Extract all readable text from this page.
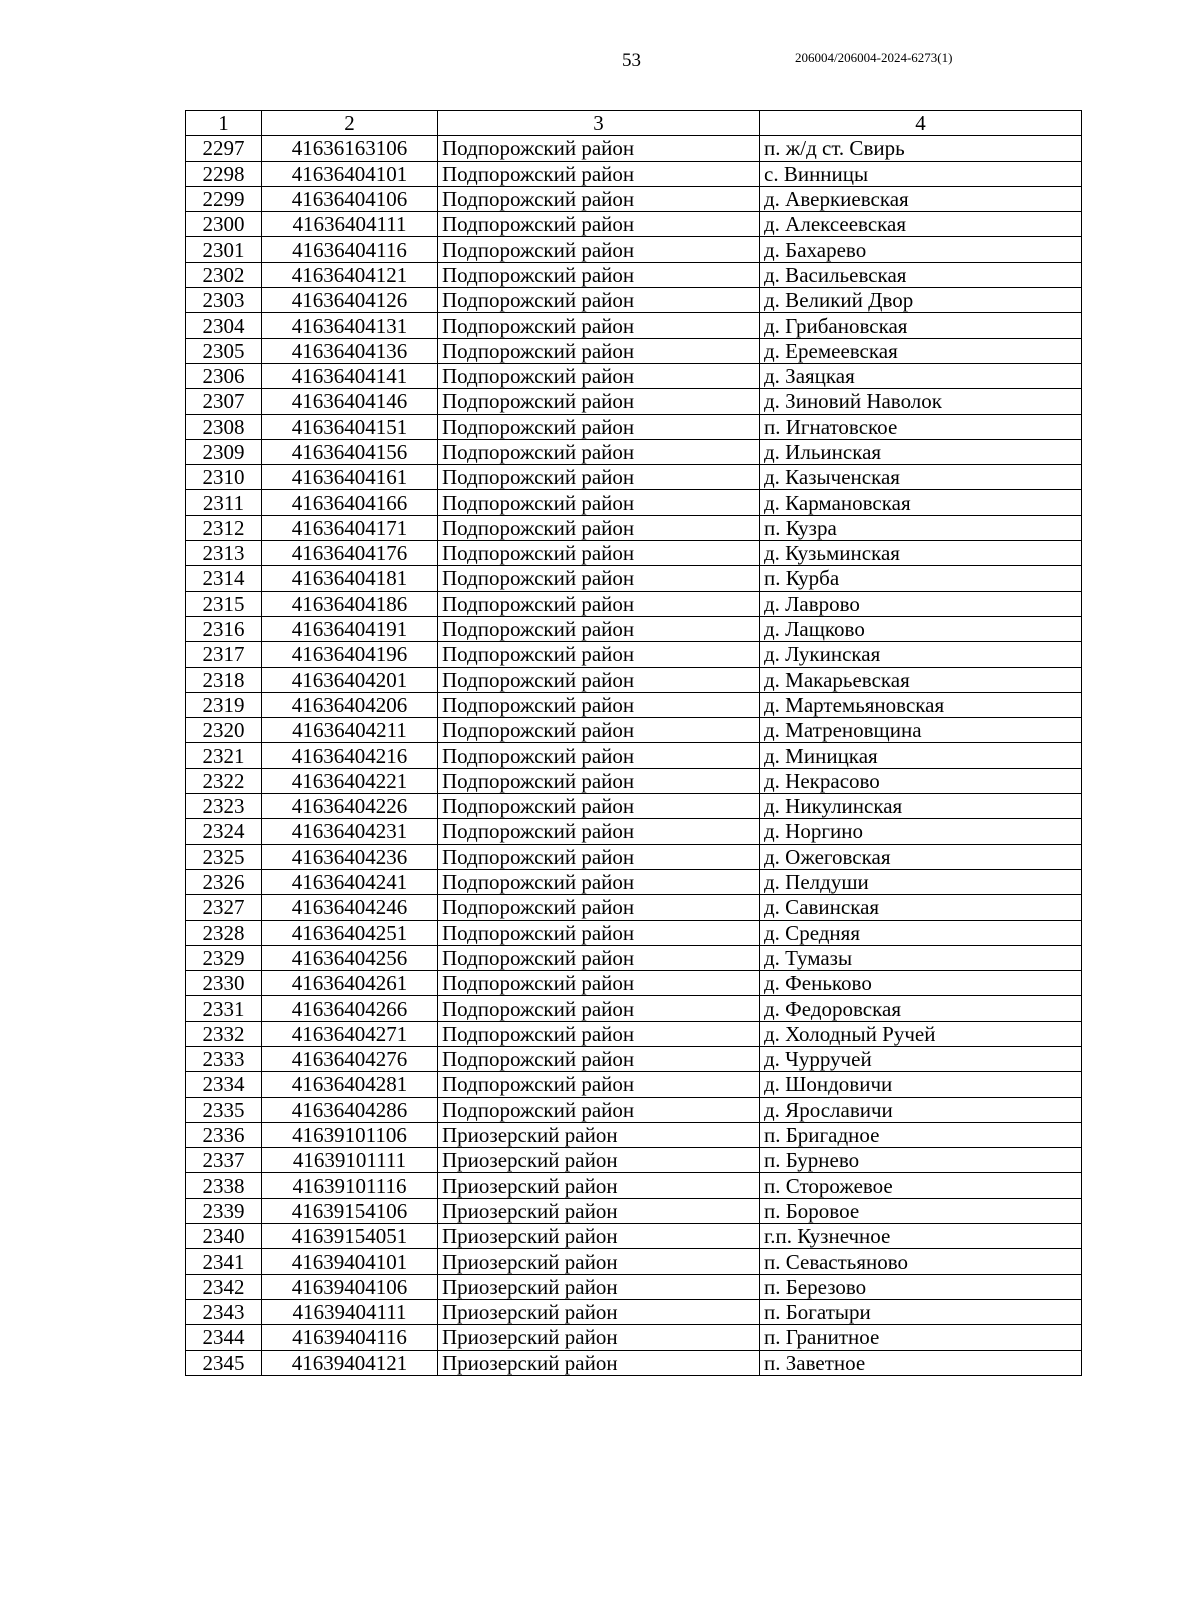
53	206004/206004-2024-6273(1)
1	2	3	4
2297	41636163106	Подпорожский район	п. ж/д ст. Свирь
2298	41636404101	Подпорожский район	с. Винницы
2299	41636404106	Подпорожский район	д. Аверкиевская
2300	41636404111	Подпорожский район	д. Алексеевская
2301	41636404116	Подпорожский район	д. Бахарево
2302	41636404121	Подпорожский район	д. Васильевская
2303	41636404126	Подпорожский район	д. Великий Двор
2304	41636404131	Подпорожский район	д. Грибановская
2305	41636404136	Подпорожский район	д. Еремеевская
2306	41636404141	Подпорожский район	д. Заяцкая
2307	41636404146	Подпорожский район	д. Зиновий Наволок
2308	41636404151	Подпорожский район	п. Игнатовское
2309	41636404156	Подпорожский район	д. Ильинская
2310	41636404161	Подпорожский район	д. Казыченская
2311	41636404166	Подпорожский район	д. Кармановская
2312	41636404171	Подпорожский район	п. Кузра
2313	41636404176	Подпорожский район	д. Кузьминская
2314	41636404181	Подпорожский район	п. Курба
2315	41636404186	Подпорожский район	д. Лаврово
2316	41636404191	Подпорожский район	д. Лащково
2317	41636404196	Подпорожский район	д. Лукинская
2318	41636404201	Подпорожский район	д. Макарьевская
2319	41636404206	Подпорожский район	д. Мартемьяновская
2320	41636404211	Подпорожский район	д. Матреновщина
2321	41636404216	Подпорожский район	д. Миницкая
2322	41636404221	Подпорожский район	д. Некрасово
2323	41636404226	Подпорожский район	д. Никулинская
2324	41636404231	Подпорожский район	д. Норгино
2325	41636404236	Подпорожский район	д. Ожеговская
2326	41636404241	Подпорожский район	д. Пелдуши
2327	41636404246	Подпорожский район	д. Савинская
2328	41636404251	Подпорожский район	д. Средняя
2329	41636404256	Подпорожский район	д. Тумазы
2330	41636404261	Подпорожский район	д. Феньково
2331	41636404266	Подпорожский район	д. Федоровская
2332	41636404271	Подпорожский район	д. Холодный Ручей
2333	41636404276	Подпорожский район	д. Чурручей
2334	41636404281	Подпорожский район	д. Шондовичи
2335	41636404286	Подпорожский район	д. Ярославичи
2336	41639101106	Приозерский район	п. Бригадное
2337	41639101111	Приозерский район	п. Бурнево
2338	41639101116	Приозерский район	п. Сторожевое
2339	41639154106	Приозерский район	п. Боровое
2340	41639154051	Приозерский район	г.п. Кузнечное
2341	41639404101	Приозерский район	п. Севастьяново
2342	41639404106	Приозерский район	п. Березово
2343	41639404111	Приозерский район	п. Богатыри
2344	41639404116	Приозерский район	п. Гранитное
2345	41639404121	Приозерский район	п. Заветное
